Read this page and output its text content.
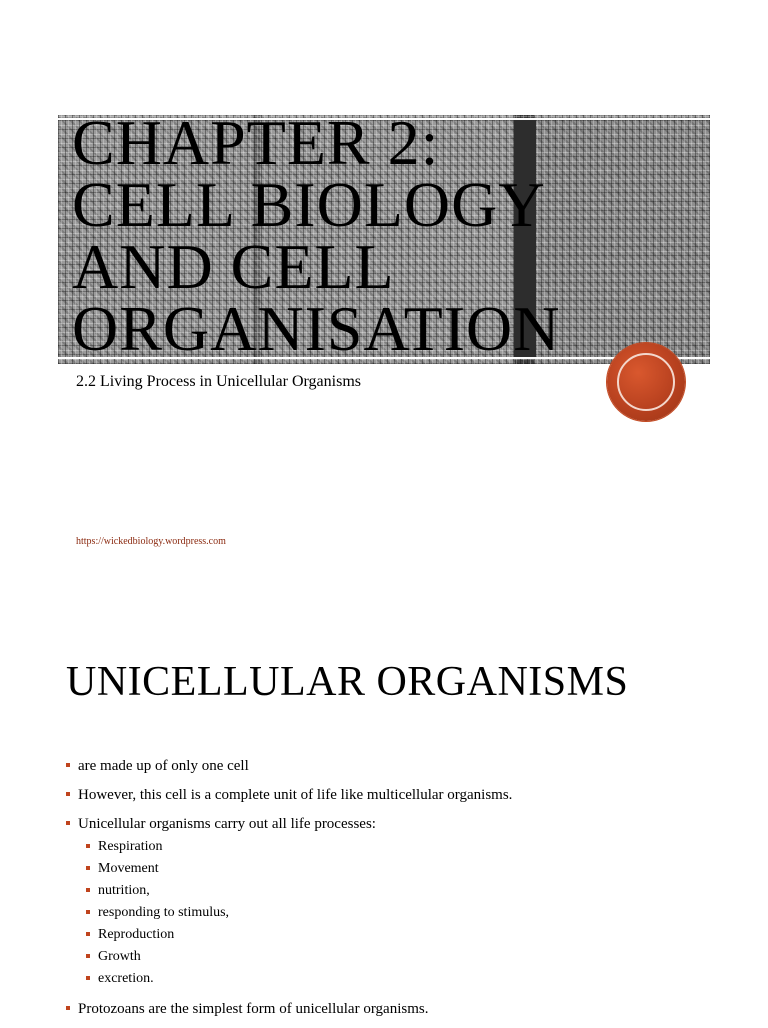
CHAPTER 2:
CELL BIOLOGY
AND CELL
ORGANISATION

2.2 Living Process in Unicellular Organisms

https://wickedbiology.wordpress.com
UNICELLULAR ORGANISMS
are made up of only one cell
However, this cell is a complete unit of life like multicellular organisms.
Unicellular organisms carry out all life processes:
Respiration
Movement
nutrition,
responding to stimulus,
Reproduction
Growth
excretion.
Protozoans are the simplest form of unicellular organisms.
